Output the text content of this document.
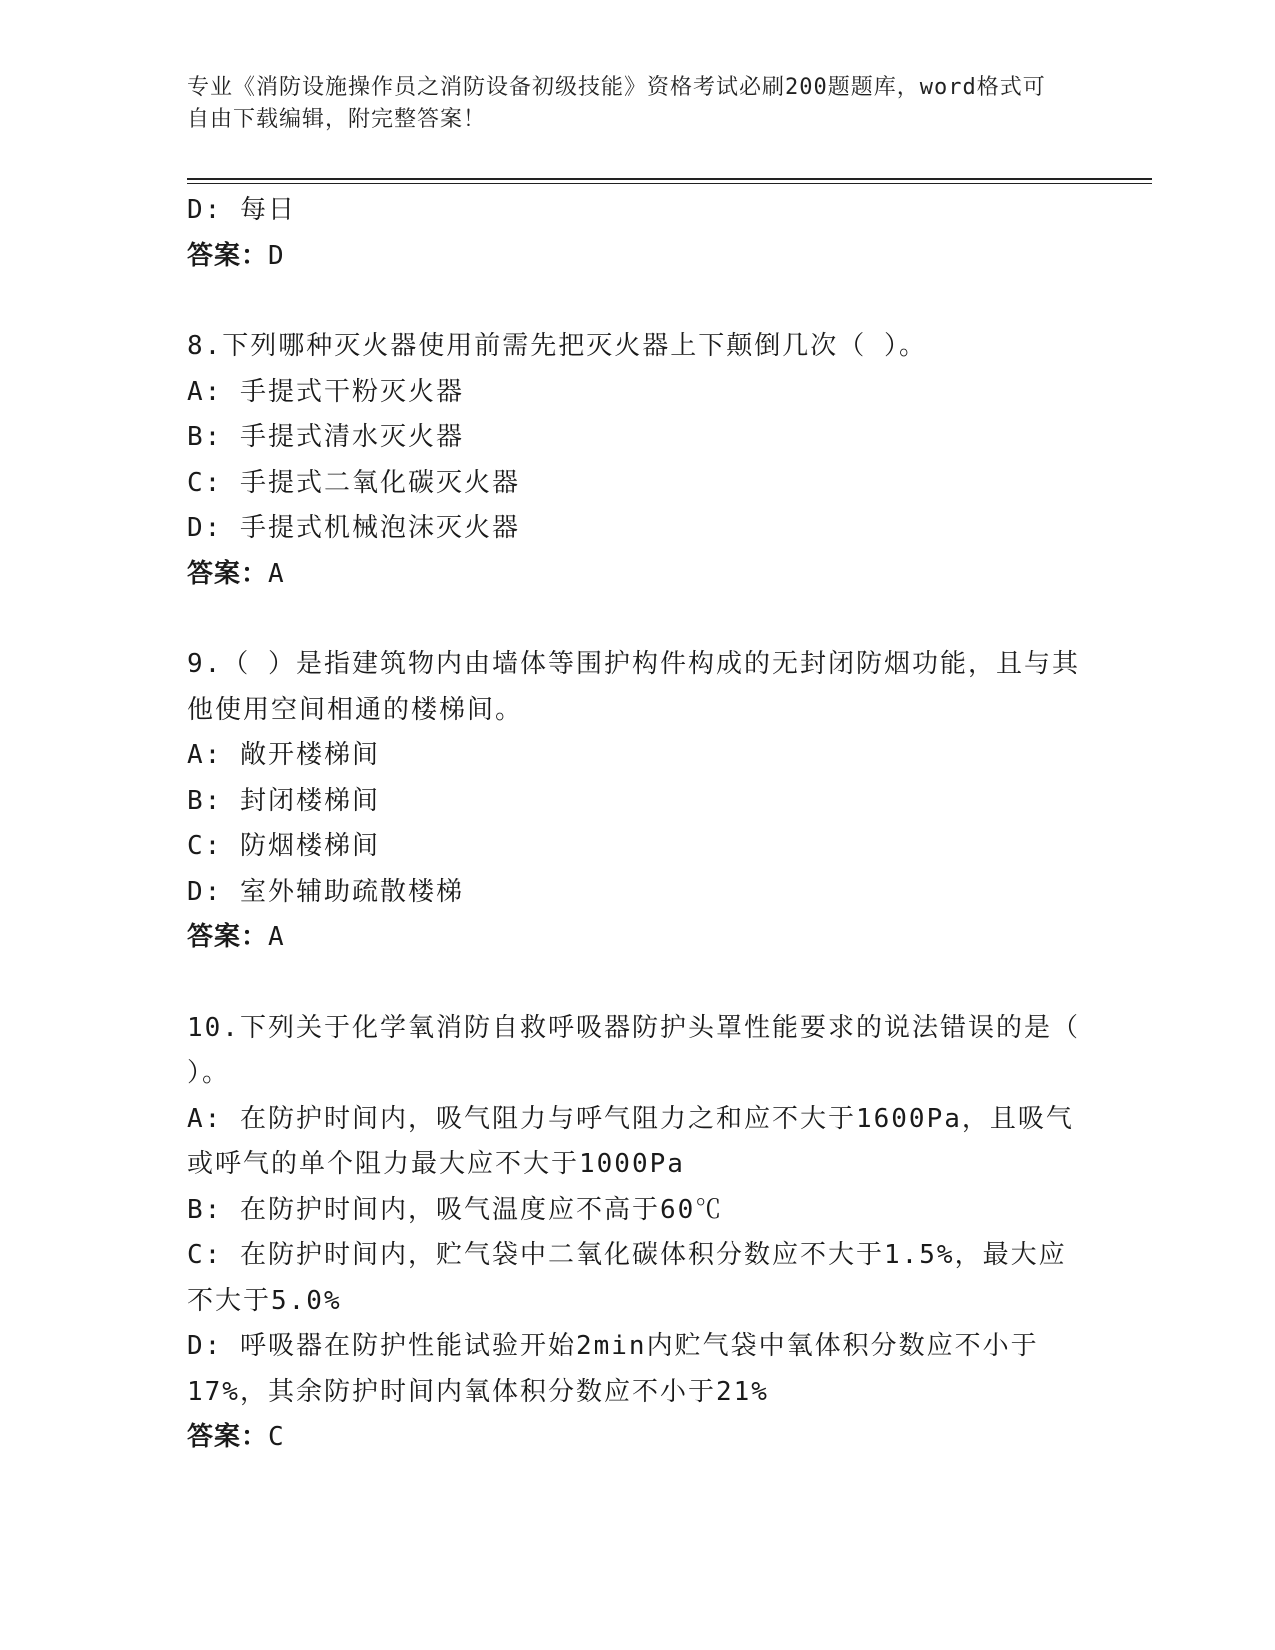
专业《消防设施操作员之消防设备初级技能》资格考试必刷200题题库，word格式可自由下载编辑，附完整答案！

D: 每日

答案：D

8.下列哪种灭火器使用前需先把灭火器上下颠倒几次（ ）。

A: 手提式干粉灭火器

B: 手提式清水灭火器

C: 手提式二氧化碳灭火器

D: 手提式机械泡沫灭火器

答案：A

9.（ ）是指建筑物内由墙体等围护构件构成的无封闭防烟功能，且与其他使用空间相通的楼梯间。

A: 敞开楼梯间

B: 封闭楼梯间

C: 防烟楼梯间

D: 室外辅助疏散楼梯

答案：A

10.下列关于化学氧消防自救呼吸器防护头罩性能要求的说法错误的是（ ）。

A: 在防护时间内，吸气阻力与呼气阻力之和应不大于1600Pa，且吸气或呼气的单个阻力最大应不大于1000Pa

B: 在防护时间内，吸气温度应不高于60℃

C: 在防护时间内，贮气袋中二氧化碳体积分数应不大于1.5%，最大应不大于5.0%

D: 呼吸器在防护性能试验开始2min内贮气袋中氧体积分数应不小于17%，其余防护时间内氧体积分数应不小于21%

答案：C
